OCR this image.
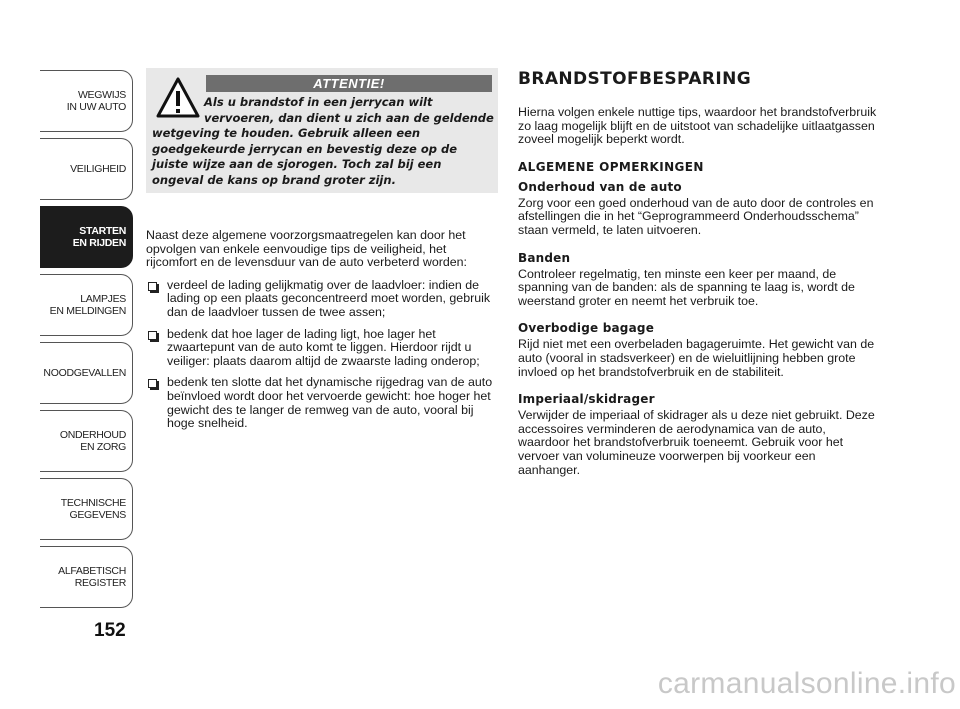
WEGWIJS
IN UW AUTO
VEILIGHEID
STARTEN
EN RIJDEN
LAMPJES
EN MELDINGEN
NOODGEVALLEN
ONDERHOUD
EN ZORG
TECHNISCHE
GEGEVENS
ALFABETISCH
REGISTER
152
ATTENTIE!
Als u brandstof in een jerrycan wilt vervoeren, dan dient u zich aan de geldende wetgeving te houden. Gebruik alleen een goedgekeurde jerrycan en bevestig deze op de juiste wijze aan de sjorogen. Toch zal bij een ongeval de kans op brand groter zijn.

Naast deze algemene voorzorgsmaatregelen kan door het opvolgen van enkele eenvoudige tips de veiligheid, het rijcomfort en de levensduur van de auto verbeterd worden:

verdeel de lading gelijkmatig over de laadvloer: indien de lading op een plaats geconcentreerd moet worden, gebruik dan de laadvloer tussen de twee assen;
bedenk dat hoe lager de lading ligt, hoe lager het zwaartepunt van de auto komt te liggen. Hierdoor rijdt u veiliger: plaats daarom altijd de zwaarste lading onderop;
bedenk ten slotte dat het dynamische rijgedrag van de auto beïnvloed wordt door het vervoerde gewicht: hoe hoger het gewicht des te langer de remweg van de auto, vooral bij hoge snelheid.
BRANDSTOFBESPARING

Hierna volgen enkele nuttige tips, waardoor het brandstofverbruik zo laag mogelijk blijft en de uitstoot van schadelijke uitlaatgassen zoveel mogelijk beperkt wordt.

ALGEMENE OPMERKINGEN
Onderhoud van de auto

Zorg voor een goed onderhoud van de auto door de controles en afstellingen die in het “Geprogrammeerd Onderhoudsschema” staan vermeld, te laten uitvoeren.

Banden

Controleer regelmatig, ten minste een keer per maand, de spanning van de banden: als de spanning te laag is, wordt de weerstand groter en neemt het verbruik toe.

Overbodige bagage

Rijd niet met een overbeladen bagageruimte. Het gewicht van de auto (vooral in stadsverkeer) en de wieluitlijning hebben grote invloed op het brandstofverbruik en de stabiliteit.

Imperiaal/skidrager

Verwijder de imperiaal of skidrager als u deze niet gebruikt. Deze accessoires verminderen de aerodynamica van de auto, waardoor het brandstofverbruik toeneemt. Gebruik voor het vervoer van volumineuze voorwerpen bij voorkeur een aanhanger.

carmanualsonline.info
